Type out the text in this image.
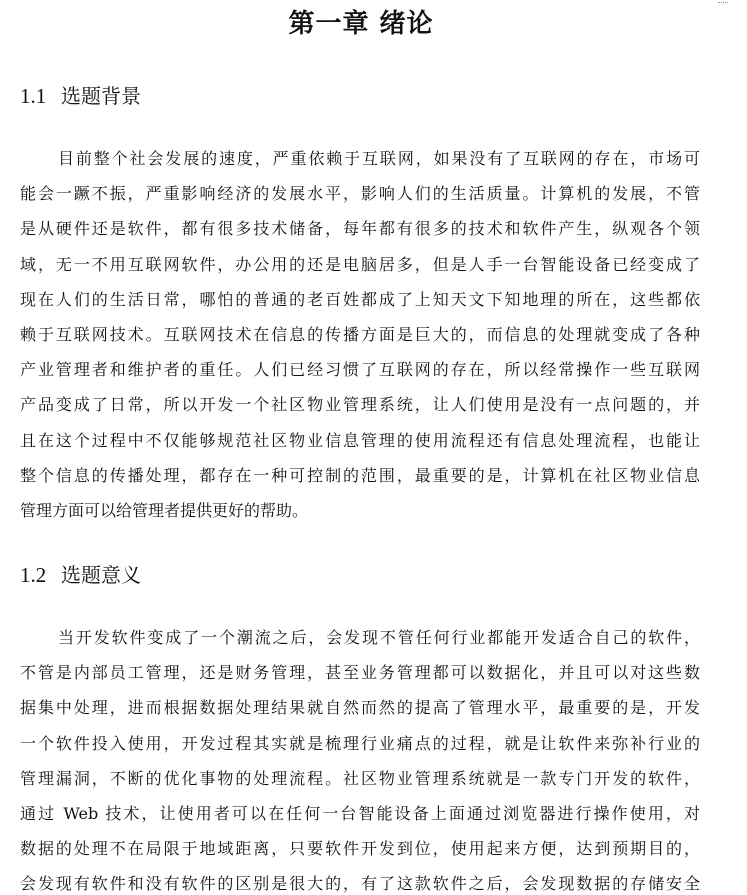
第一章 绪论
1.1 选题背景
目前整个社会发展的速度，严重依赖于互联网，如果没有了互联网的存在，市场可
能会一蹶不振，严重影响经济的发展水平，影响人们的生活质量。计算机的发展，不管
是从硬件还是软件，都有很多技术储备，每年都有很多的技术和软件产生，纵观各个领
域，无一不用互联网软件，办公用的还是电脑居多，但是人手一台智能设备已经变成了
现在人们的生活日常，哪怕的普通的老百姓都成了上知天文下知地理的所在，这些都依
赖于互联网技术。互联网技术在信息的传播方面是巨大的，而信息的处理就变成了各种
产业管理者和维护者的重任。人们已经习惯了互联网的存在，所以经常操作一些互联网
产品变成了日常，所以开发一个社区物业管理系统，让人们使用是没有一点问题的，并
且在这个过程中不仅能够规范社区物业信息管理的使用流程还有信息处理流程，也能让
整个信息的传播处理，都存在一种可控制的范围，最重要的是，计算机在社区物业信息
管理方面可以给管理者提供更好的帮助。
1.2 选题意义
当开发软件变成了一个潮流之后，会发现不管任何行业都能开发适合自己的软件，
不管是内部员工管理，还是财务管理，甚至业务管理都可以数据化，并且可以对这些数
据集中处理，进而根据数据处理结果就自然而然的提高了管理水平，最重要的是，开发
一个软件投入使用，开发过程其实就是梳理行业痛点的过程，就是让软件来弥补行业的
管理漏洞，不断的优化事物的处理流程。社区物业管理系统就是一款专门开发的软件，
通过 Web 技术，让使用者可以在任何一台智能设备上面通过浏览器进行操作使用，对
数据的处理不在局限于地域距离，只要软件开发到位，使用起来方便，达到预期目的，
会发现有软件和没有软件的区别是很大的，有了这款软件之后，会发现数据的存储安全
